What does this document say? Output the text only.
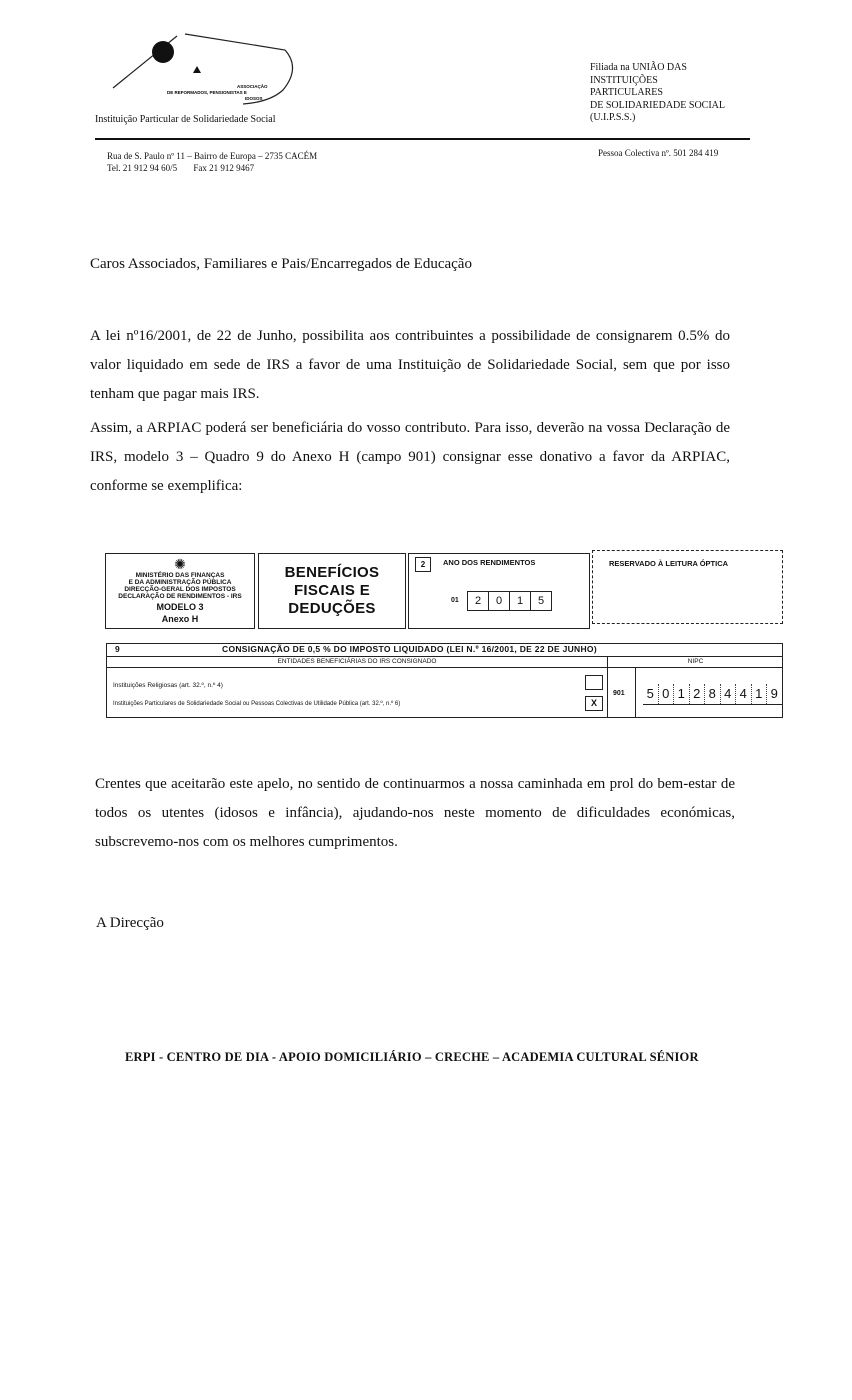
ASSOCIAÇÃO
DE REFORMADOS, PENSIONISTAS E
IDOSOS
Instituição Particular de Solidariedade Social
Filiada na UNIÃO DAS
INSTITUIÇÕES
PARTICULARES
DE SOLIDARIEDADE SOCIAL
(U.I.P.S.S.)
Rua de S. Paulo nº 11 – Bairro de Europa – 2735 CACÉM
Tel. 21 912 94 60/5 Fax 21 912 9467
Pessoa Colectiva nº. 501 284 419
Caros Associados, Familiares e Pais/Encarregados de Educação
A lei nº16/2001, de 22 de Junho, possibilita aos contribuintes a possibilidade de consignarem 0.5% do valor liquidado em sede de IRS a favor de uma Instituição de Solidariedade Social, sem que por isso tenham que pagar mais IRS.
Assim, a ARPIAC poderá ser beneficiária do vosso contributo. Para isso, deverão na vossa Declaração de IRS, modelo 3 – Quadro 9 do Anexo H (campo 901) consignar esse donativo a favor da ARPIAC, conforme se exemplifica:
✺
MINISTÉRIO DAS FINANÇAS
E DA ADMINISTRAÇÃO PÚBLICA
DIRECÇÃO-GERAL DOS IMPOSTOS
DECLARAÇÃO DE RENDIMENTOS - IRS
MODELO 3
Anexo H
BENEFÍCIOS
FISCAIS E
DEDUÇÕES
2	ANO DOS RENDIMENTOS
01	2	0	1	5
RESERVADO À LEITURA ÓPTICA
9	CONSIGNAÇÃO DE 0,5 % DO IMPOSTO LIQUIDADO (LEI N.º 16/2001, DE 22 DE JUNHO)
ENTIDADES BENEFICIÁRIAS DO IRS CONSIGNADO	NIPC
Instituições Religiosas (art. 32.º, n.º 4)
Instituições Particulares de Solidariedade Social ou Pessoas Colectivas de Utilidade Pública (art. 32.º, n.º 6)	X
901 5 0 1 2 8 4 4 1 9
Crentes que aceitarão este apelo, no sentido de continuarmos a nossa caminhada em prol do bem-estar de todos os utentes (idosos e infância), ajudando-nos neste momento de dificuldades económicas, subscrevemo-nos com os melhores cumprimentos.
A Direcção
ERPI - CENTRO DE DIA - APOIO DOMICILIÁRIO – CRECHE – ACADEMIA CULTURAL SÉNIOR
